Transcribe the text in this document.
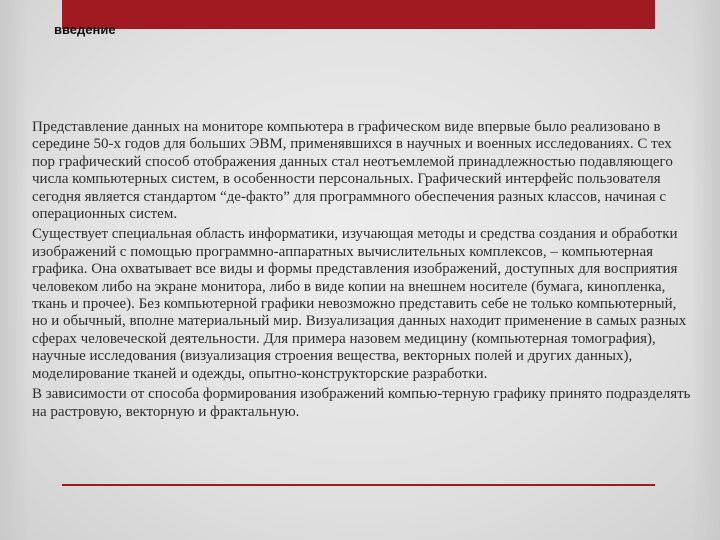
введение

Представление данных на мониторе компьютера в графическом виде впервые было реализовано в середине 50-х годов для больших ЭВМ, применявшихся в научных и военных исследованиях. С тех пор графический способ отображения данных стал неотъемлемой принадлежностью подавляющего числа компьютерных систем, в особенности персональных. Графический интерфейс пользователя сегодня является стандартом “де-факто” для программного обеспечения разных классов, начиная с операционных систем.

Существует специальная область информатики, изучающая методы и средства создания и обработки изображений с помощью программно-аппаратных вычислительных комплексов, – компьютерная графика. Она охватывает все виды и формы представления изображений, доступных для восприятия человеком либо на экране монитора, либо в виде копии на внешнем носителе (бумага, кинопленка, ткань и прочее). Без компьютерной графики невозможно представить себе не только компьютерный, но и обычный, вполне материальный мир. Визуализация данных находит применение в самых разных сферах человеческой деятельности. Для примера назовем медицину (компьютерная томография), научные исследования (визуализация строения вещества, векторных полей и других данных), моделирование тканей и одежды, опытно-конструкторские разработки.

В зависимости от способа формирования изображений компью-терную графику принято подразделять на растровую, векторную и фрактальную.
